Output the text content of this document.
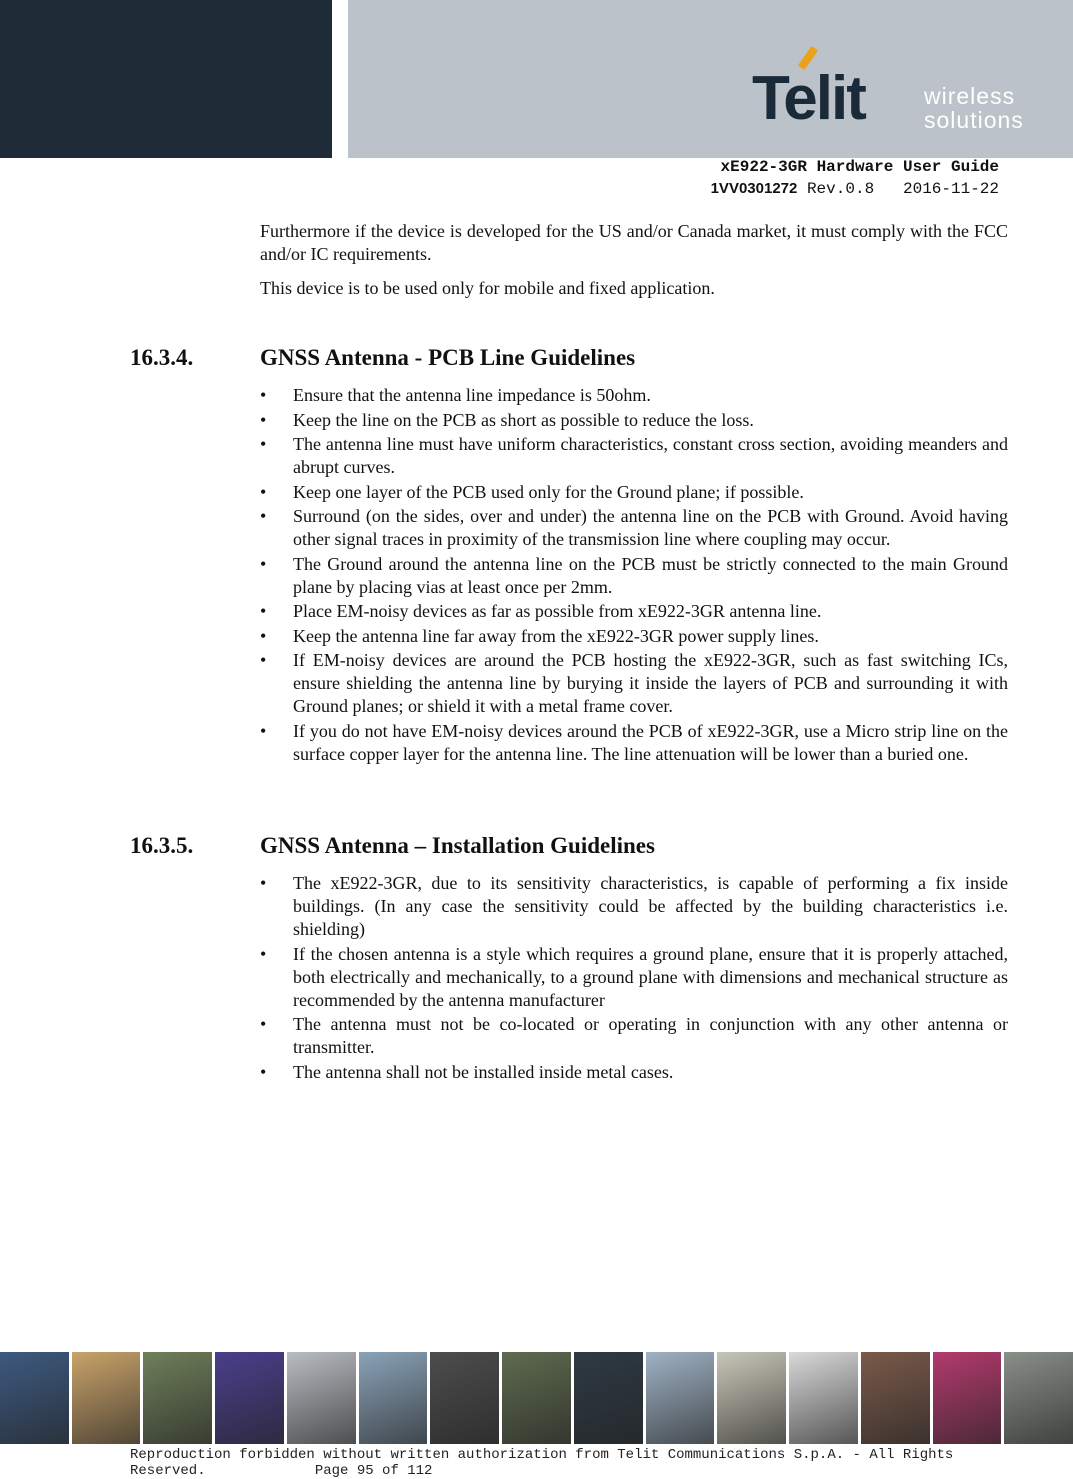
Telit	wireless
solutions
xE922-3GR Hardware User Guide
1VV0301272 Rev.0.8 2016-11-22

Furthermore if the device is developed for the US and/or Canada market, it must comply with the FCC and/or IC requirements.

This device is to be used only for mobile and fixed application.

16.3.4.	GNSS Antenna - PCB Line Guidelines
• Ensure that the antenna line impedance is 50ohm.
• Keep the line on the PCB as short as possible to reduce the loss.
• The antenna line must have uniform characteristics, constant cross section, avoiding meanders and abrupt curves.
• Keep one layer of the PCB used only for the Ground plane; if possible.
• Surround (on the sides, over and under) the antenna line on the PCB with Ground. Avoid having other signal traces in proximity of the transmission line where coupling may occur.
• The Ground around the antenna line on the PCB must be strictly connected to the main Ground plane by placing vias at least once per 2mm.
• Place EM-noisy devices as far as possible from xE922-3GR antenna line.
• Keep the antenna line far away from the xE922-3GR power supply lines.
• If EM-noisy devices are around the PCB hosting the xE922-3GR, such as fast switching ICs, ensure shielding the antenna line by burying it inside the layers of PCB and surrounding it with Ground planes; or shield it with a metal frame cover.
• If you do not have EM-noisy devices around the PCB of xE922-3GR, use a Micro strip line on the surface copper layer for the antenna line. The line attenuation will be lower than a buried one.
16.3.5.	GNSS Antenna – Installation Guidelines
• The xE922-3GR, due to its sensitivity characteristics, is capable of performing a fix inside buildings. (In any case the sensitivity could be affected by the building characteristics i.e. shielding)
• If the chosen antenna is a style which requires a ground plane, ensure that it is properly attached, both electrically and mechanically, to a ground plane with dimensions and mechanical structure as recommended by the antenna manufacturer
• The antenna must not be co-located or operating in conjunction with any other antenna or transmitter.
• The antenna shall not be installed inside metal cases.
Reproduction forbidden without written authorization from Telit Communications S.p.A. - All Rights
Reserved.	Page 95 of 112
